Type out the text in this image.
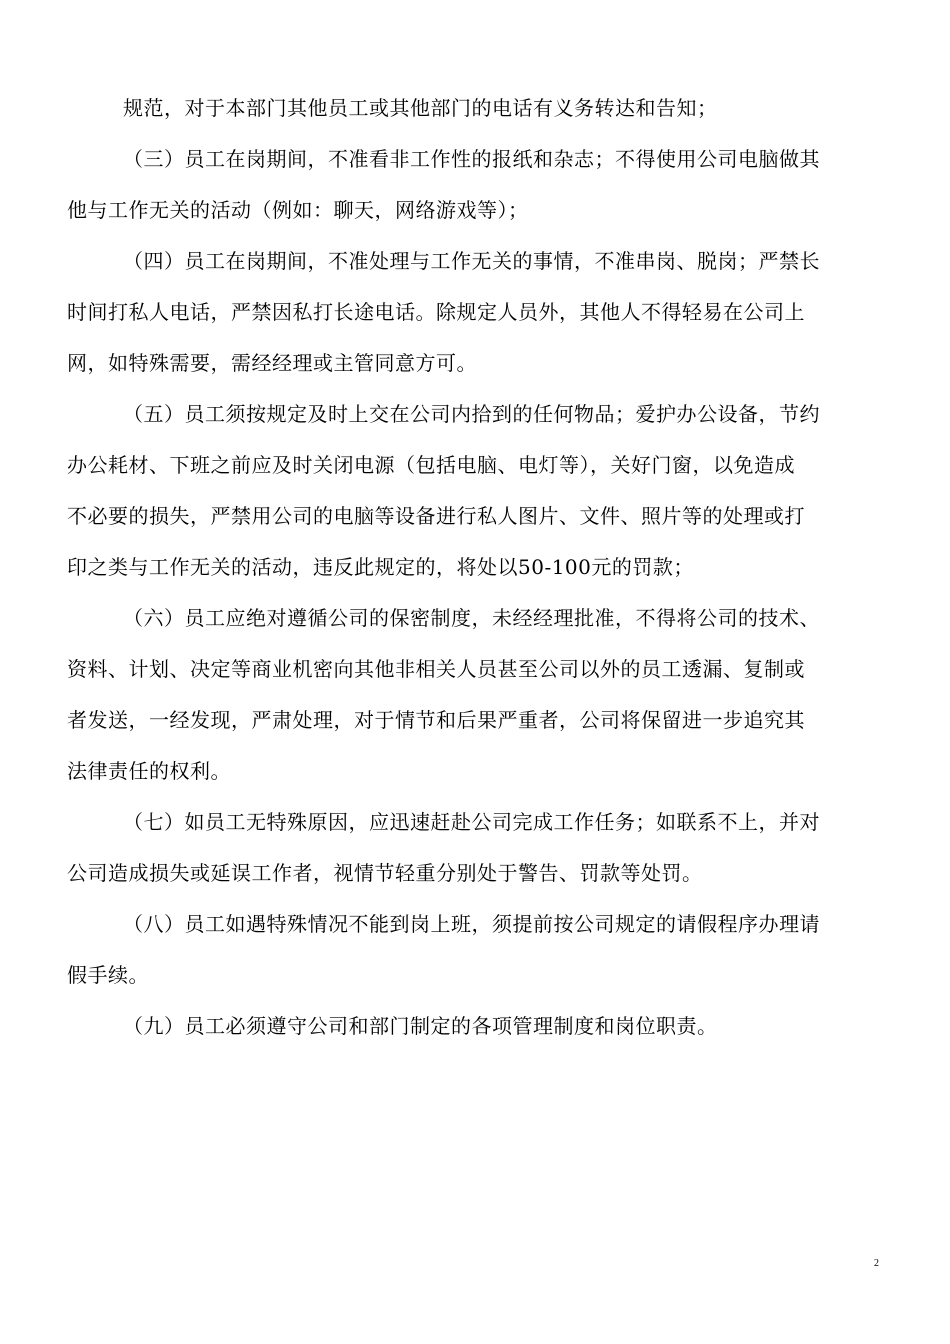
规范，对于本部门其他员工或其他部门的电话有义务转达和告知；
（三）员工在岗期间，不准看非工作性的报纸和杂志；不得使用公司电脑做其
他与工作无关的活动（例如：聊天，网络游戏等）；
（四）员工在岗期间，不准处理与工作无关的事情，不准串岗、脱岗；严禁长
时间打私人电话，严禁因私打长途电话。除规定人员外，其他人不得轻易在公司上
网，如特殊需要，需经经理或主管同意方可。
（五）员工须按规定及时上交在公司内拾到的任何物品；爱护办公设备，节约
办公耗材、下班之前应及时关闭电源（包括电脑、电灯等），关好门窗，以免造成
不必要的损失，严禁用公司的电脑等设备进行私人图片、文件、照片等的处理或打
印之类与工作无关的活动，违反此规定的，将处以50-100元的罚款；
（六）员工应绝对遵循公司的保密制度，未经经理批准，不得将公司的技术、
资料、计划、决定等商业机密向其他非相关人员甚至公司以外的员工透漏、复制或
者发送，一经发现，严肃处理，对于情节和后果严重者，公司将保留进一步追究其
法律责任的权利。
（七）如员工无特殊原因，应迅速赶赴公司完成工作任务；如联系不上，并对
公司造成损失或延误工作者，视情节轻重分别处于警告、罚款等处罚。
（八）员工如遇特殊情况不能到岗上班，须提前按公司规定的请假程序办理请
假手续。
（九）员工必须遵守公司和部门制定的各项管理制度和岗位职责。
2
